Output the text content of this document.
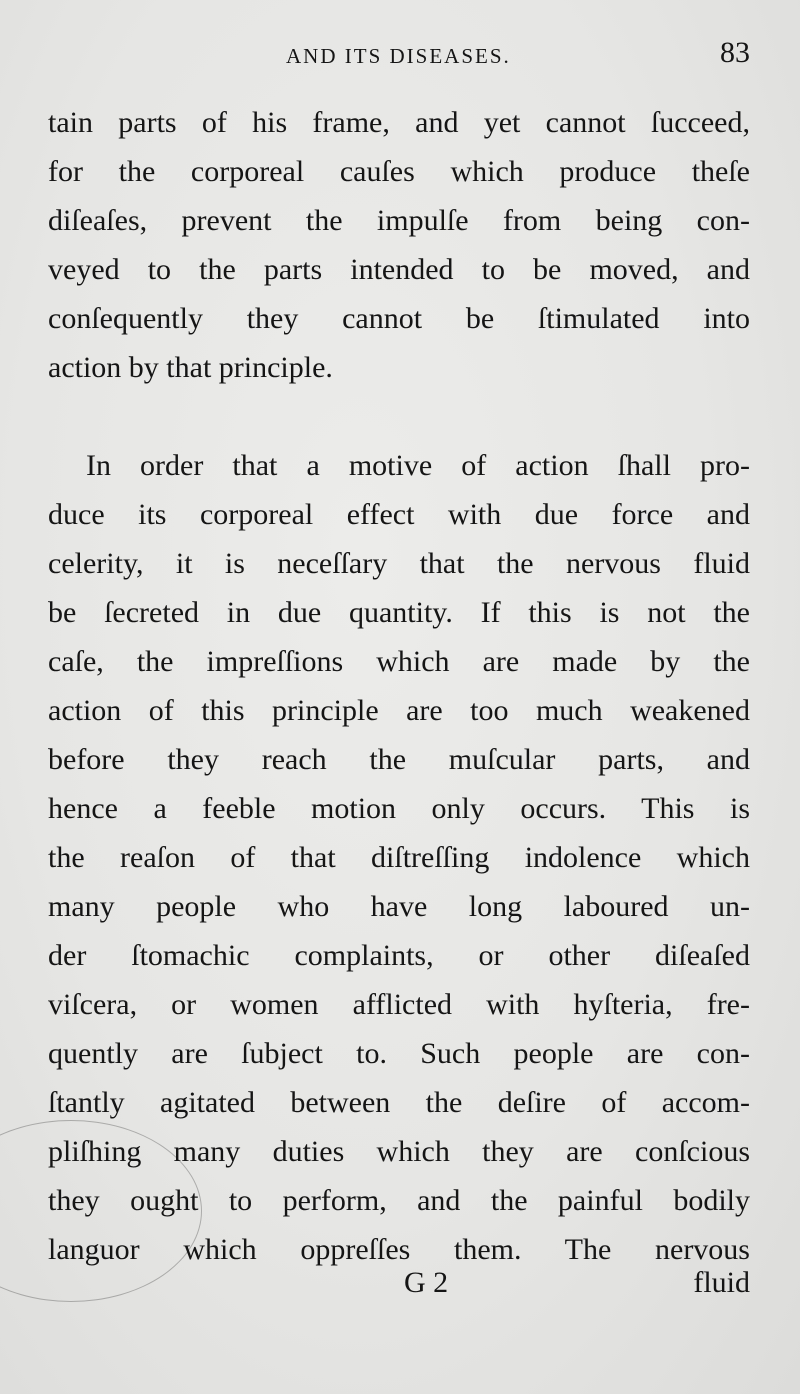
AND ITS DISEASES.	83
tain parts of his frame, and yet cannot ſucceed,
for the corporeal cauſes which produce theſe
diſeaſes, prevent the impulſe from being con-
veyed to the parts intended to be moved, and
conſequently they cannot be ſtimulated into
action by that principle.
In order that a motive of action ſhall pro-
duce its corporeal effect with due force and
celerity, it is neceſſary that the nervous fluid
be ſecreted in due quantity. If this is not the
caſe, the impreſſions which are made by the
action of this principle are too much weakened
before they reach the muſcular parts, and
hence a feeble motion only occurs. This is
the reaſon of that diſtreſſing indolence which
many people who have long laboured un-
der ſtomachic complaints, or other diſeaſed
viſcera, or women afflicted with hyſteria, fre-
quently are ſubject to. Such people are con-
ſtantly agitated between the deſire of accom-
pliſhing many duties which they are conſcious
they ought to perform, and the painful bodily
languor which oppreſſes them. The nervous
G 2	fluid
